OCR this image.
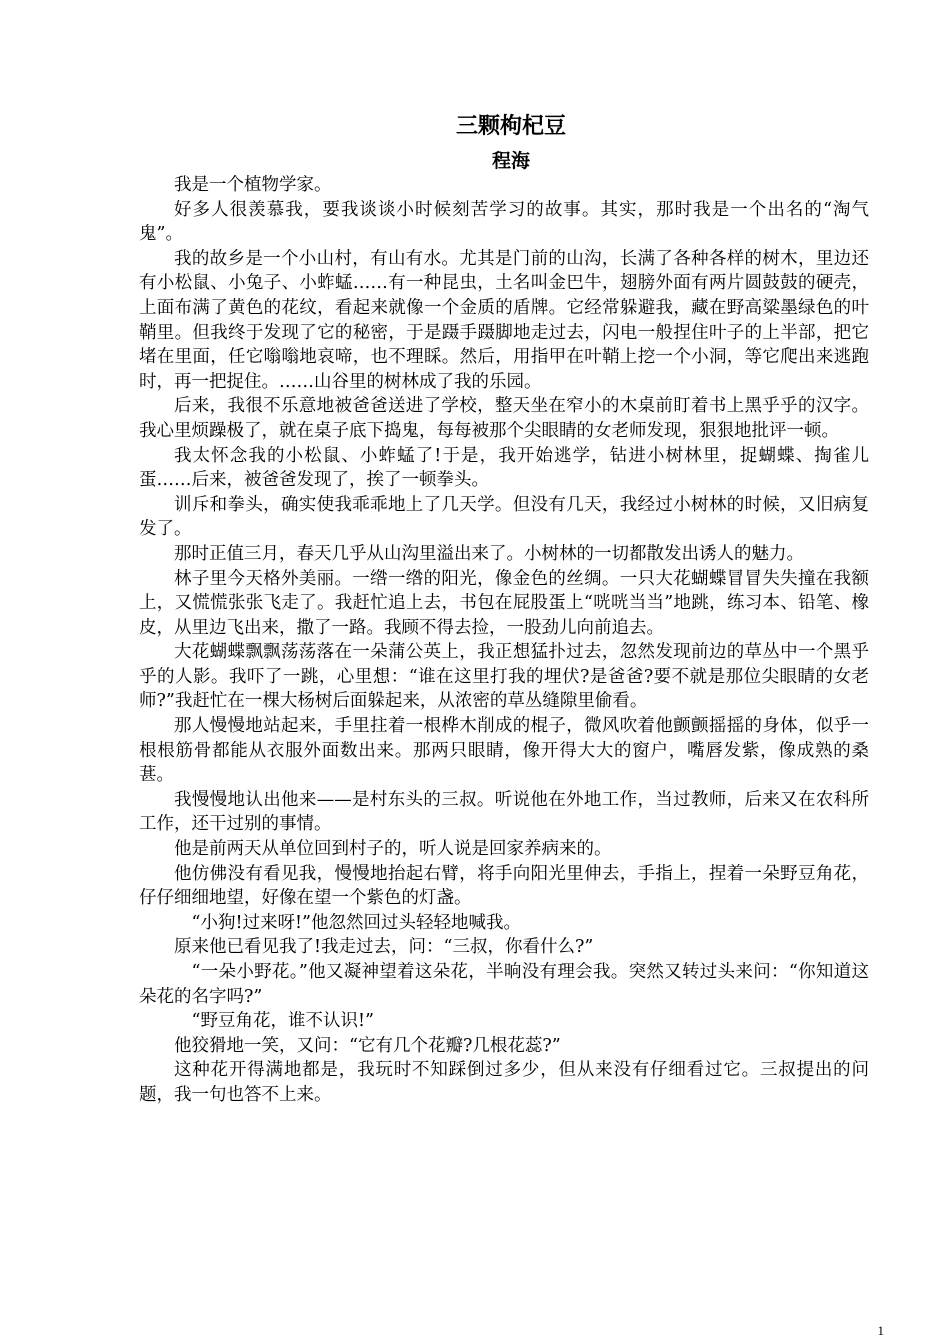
三颗枸杞豆
程海

我是一个植物学家。

好多人很羡慕我，要我谈谈小时候刻苦学习的故事。其实，那时我是一个出名的“淘气鬼”。

我的故乡是一个小山村，有山有水。尤其是门前的山沟，长满了各种各样的树木，里边还有小松鼠、小兔子、小蚱蜢……有一种昆虫，土名叫金巴牛，翅膀外面有两片圆鼓鼓的硬壳，上面布满了黄色的花纹，看起来就像一个金质的盾牌。它经常躲避我，藏在野高粱墨绿色的叶鞘里。但我终于发现了它的秘密，于是蹑手蹑脚地走过去，闪电一般捏住叶子的上半部，把它堵在里面，任它嗡嗡地哀啼，也不理睬。然后，用指甲在叶鞘上挖一个小洞，等它爬出来逃跑时，再一把捉住。……山谷里的树林成了我的乐园。

后来，我很不乐意地被爸爸送进了学校，整天坐在窄小的木桌前盯着书上黑乎乎的汉字。我心里烦躁极了，就在桌子底下捣鬼，每每被那个尖眼睛的女老师发现，狠狠地批评一顿。

我太怀念我的小松鼠、小蚱蜢了!于是，我开始逃学，钻进小树林里，捉蝴蝶、掏雀儿蛋……后来，被爸爸发现了，挨了一顿拳头。

训斥和拳头，确实使我乖乖地上了几天学。但没有几天，我经过小树林的时候，又旧病复发了。

那时正值三月，春天几乎从山沟里溢出来了。小树林的一切都散发出诱人的魅力。

林子里今天格外美丽。一绺一绺的阳光，像金色的丝绸。一只大花蝴蝶冒冒失失撞在我额上，又慌慌张张飞走了。我赶忙追上去，书包在屁股蛋上“咣咣当当”地跳，练习本、铅笔、橡皮，从里边飞出来，撒了一路。我顾不得去捡，一股劲儿向前追去。

大花蝴蝶飘飘荡荡落在一朵蒲公英上，我正想猛扑过去，忽然发现前边的草丛中一个黑乎乎的人影。我吓了一跳，心里想：“谁在这里打我的埋伏?是爸爸?要不就是那位尖眼睛的女老师?”我赶忙在一棵大杨树后面躲起来，从浓密的草丛缝隙里偷看。

那人慢慢地站起来，手里拄着一根桦木削成的棍子，微风吹着他颤颤摇摇的身体，似乎一根根筋骨都能从衣服外面数出来。那两只眼睛，像开得大大的窗户，嘴唇发紫，像成熟的桑葚。

我慢慢地认出他来——是村东头的三叔。听说他在外地工作，当过教师，后来又在农科所工作，还干过别的事情。

他是前两天从单位回到村子的，听人说是回家养病来的。

他仿佛没有看见我，慢慢地抬起右臂，将手向阳光里伸去，手指上，捏着一朵野豆角花，仔仔细细地望，好像在望一个紫色的灯盏。

“小狗!过来呀!”他忽然回过头轻轻地喊我。

原来他已看见我了!我走过去，问：“三叔，你看什么?”

“一朵小野花。”他又凝神望着这朵花，半晌没有理会我。突然又转过头来问：“你知道这朵花的名字吗?”

“野豆角花，谁不认识!”

他狡猾地一笑，又问：“它有几个花瓣?几根花蕊?”

这种花开得满地都是，我玩时不知踩倒过多少，但从来没有仔细看过它。三叔提出的问题，我一句也答不上来。

1
